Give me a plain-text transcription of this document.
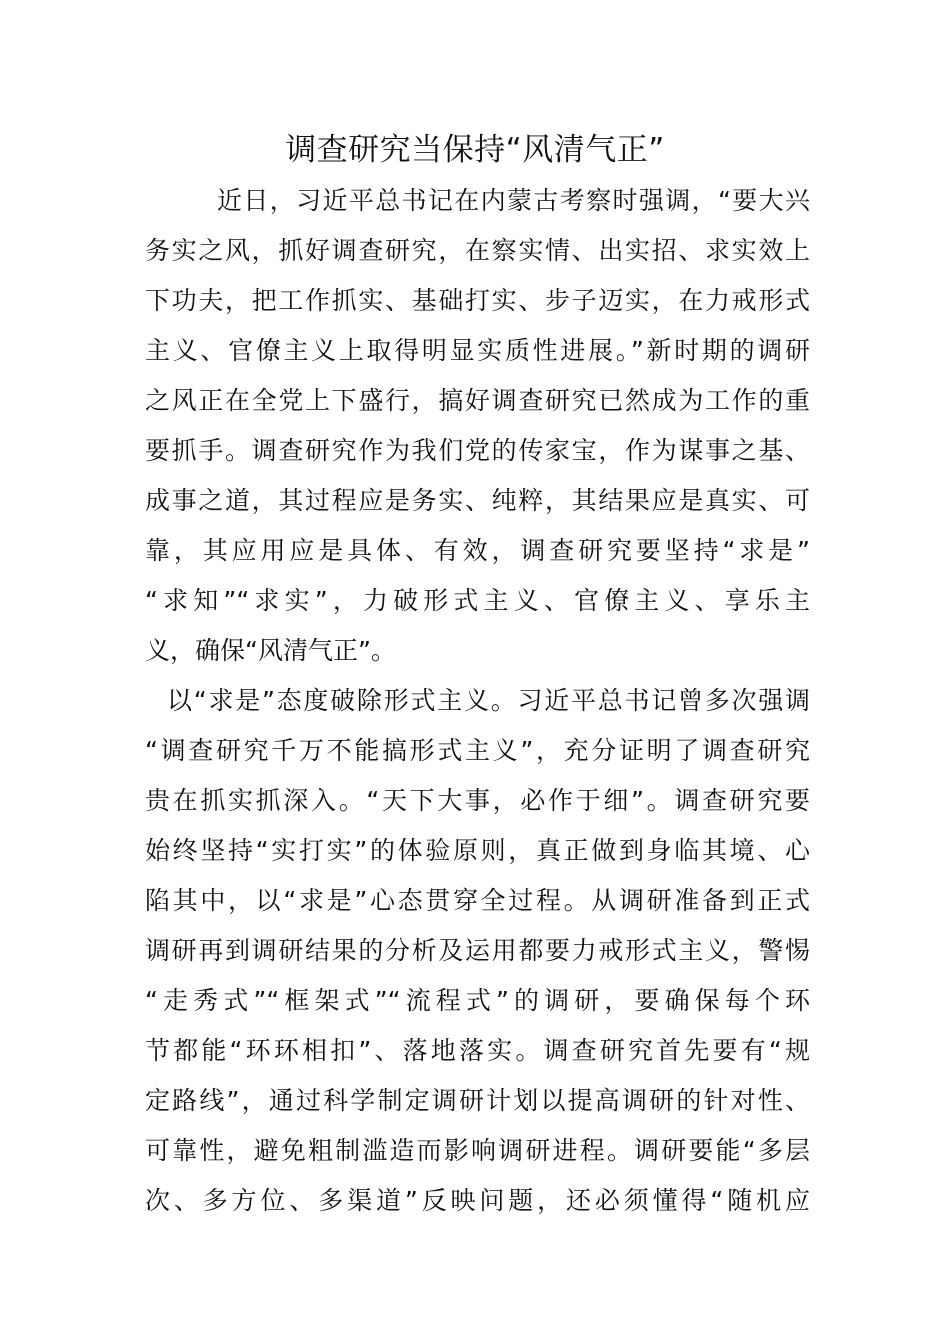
调查研究当保持“风清气正”
近日，习近平总书记在内蒙古考察时强调，“要大兴
务实之风，抓好调查研究，在察实情、出实招、求实效上
下功夫，把工作抓实、基础打实、步子迈实，在力戒形式
主义、官僚主义上取得明显实质性进展。”新时期的调研
之风正在全党上下盛行，搞好调查研究已然成为工作的重
要抓手。调查研究作为我们党的传家宝，作为谋事之基、
成事之道，其过程应是务实、纯粹，其结果应是真实、可
靠，其应用应是具体、有效，调查研究要坚持“求是”
“求知”“求实”，力破形式主义、官僚主义、享乐主
义，确保“风清气正”。
以“求是”态度破除形式主义。习近平总书记曾多次强调
“调查研究千万不能搞形式主义”，充分证明了调查研究
贵在抓实抓深入。“天下大事，必作于细”。调查研究要
始终坚持“实打实”的体验原则，真正做到身临其境、心
陷其中，以“求是”心态贯穿全过程。从调研准备到正式
调研再到调研结果的分析及运用都要力戒形式主义，警惕
“走秀式”“框架式”“流程式”的调研，要确保每个环
节都能“环环相扣”、落地落实。调查研究首先要有“规
定路线”，通过科学制定调研计划以提高调研的针对性、
可靠性，避免粗制滥造而影响调研进程。调研要能“多层
次、多方位、多渠道”反映问题，还必须懂得“随机应
